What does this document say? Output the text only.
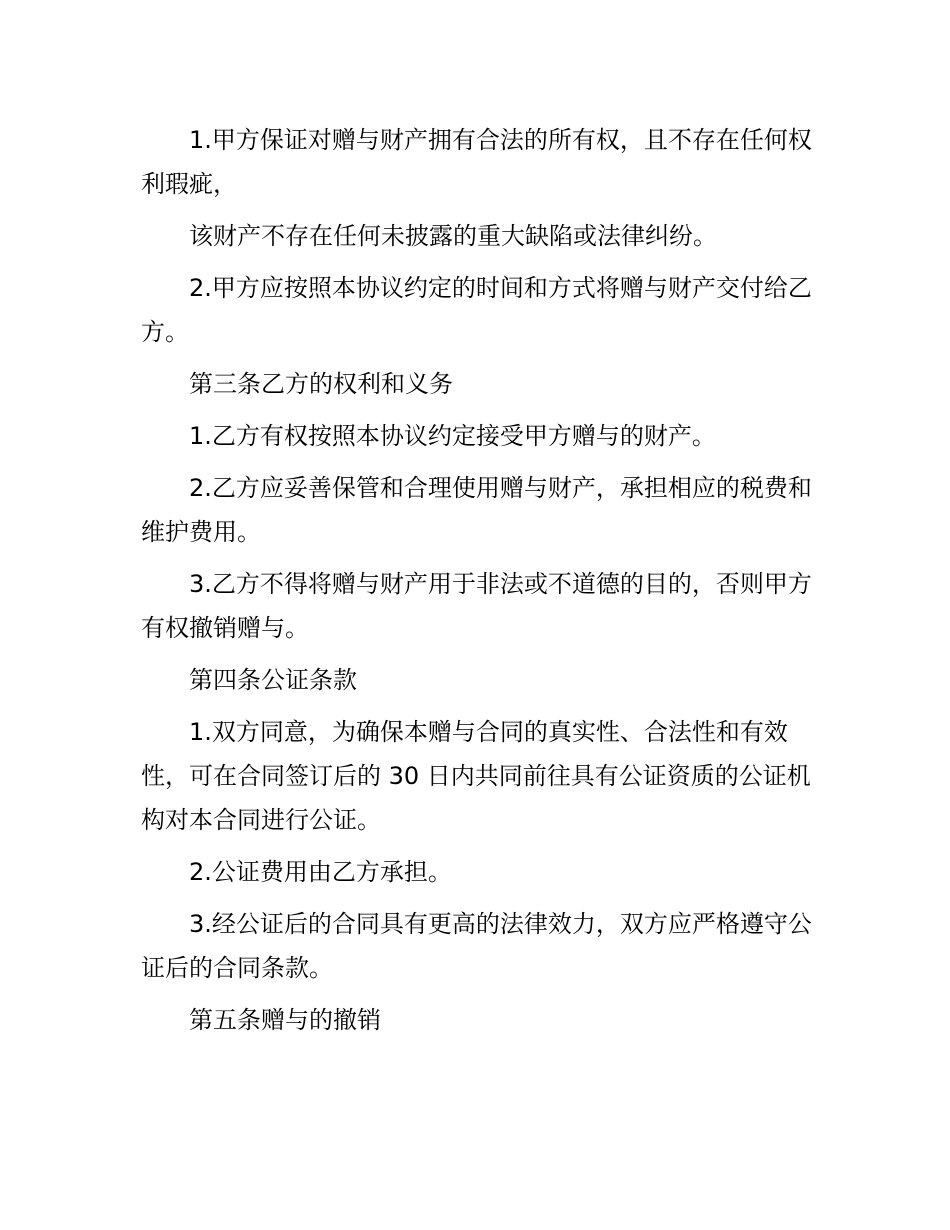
1.甲方保证对赠与财产拥有合法的所有权，且不存在任何权利瑕疵，

该财产不存在任何未披露的重大缺陷或法律纠纷。

2.甲方应按照本协议约定的时间和方式将赠与财产交付给乙方。

第三条乙方的权利和义务

1.乙方有权按照本协议约定接受甲方赠与的财产。

2.乙方应妥善保管和合理使用赠与财产，承担相应的税费和维护费用。

3.乙方不得将赠与财产用于非法或不道德的目的，否则甲方有权撤销赠与。

第四条公证条款

1.双方同意，为确保本赠与合同的真实性、合法性和有效性，可在合同签订后的 30 日内共同前往具有公证资质的公证机构对本合同进行公证。

2.公证费用由乙方承担。

3.经公证后的合同具有更高的法律效力，双方应严格遵守公证后的合同条款。

第五条赠与的撤销
